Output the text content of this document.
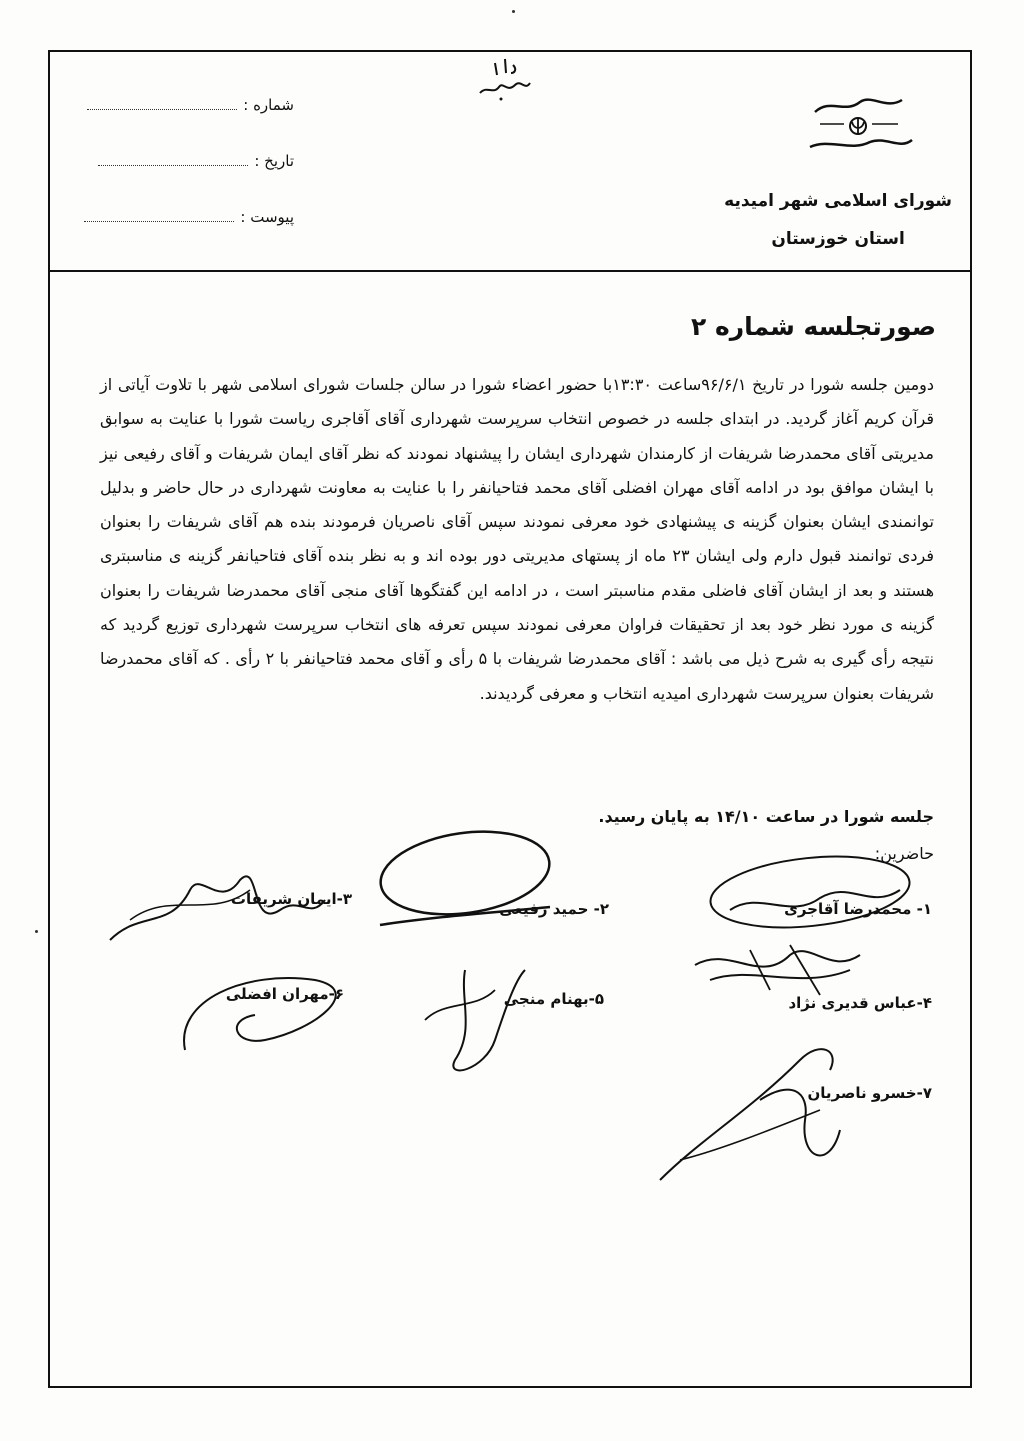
شماره :
تاریخ :
پیوست :
شورای اسلامی شهر امیدیه
استان خوزستان
صورتجلسه شماره ۲
دومین جلسه شورا در تاریخ ۹۶/۶/۱ساعت ۱۳:۳۰با حضور اعضاء شورا در سالن جلسات شورای اسلامی شهر با تلاوت آیاتی از قرآن کریم آغاز گردید. در ابتدای جلسه در خصوص انتخاب سرپرست شهرداری آقای آقاجری ریاست شورا با عنایت به سوابق مدیریتی آقای محمدرضا شریفات از کارمندان شهرداری ایشان را پیشنهاد نمودند که نظر آقای ایمان شریفات و آقای رفیعی نیز با ایشان موافق بود در ادامه آقای مهران افضلی آقای محمد فتاحیانفر را با عنایت به معاونت شهرداری در حال حاضر و بدلیل توانمندی ایشان بعنوان گزینه ی پیشنهادی خود معرفی نمودند سپس آقای ناصریان فرمودند بنده هم آقای شریفات را بعنوان فردی توانمند قبول دارم ولی ایشان ۲۳ ماه از پستهای مدیریتی دور بوده اند و به نظر بنده آقای فتاحیانفر گزینه ی مناسبتری هستند و بعد از ایشان آقای فاضلی مقدم مناسبتر است ، در ادامه این گفتگوها آقای منجی آقای محمدرضا شریفات را بعنوان گزینه ی مورد نظر خود بعد از تحقیقات فراوان معرفی نمودند سپس تعرفه های انتخاب سرپرست شهرداری توزیع گردید که نتیجه رأی گیری به شرح ذیل می باشد : آقای محمدرضا شریفات با ۵ رأی و آقای محمد فتاحیانفر با ۲ رأی . که آقای محمدرضا شریفات بعنوان سرپرست شهرداری امیدیه انتخاب و معرفی گردیدند.
جلسه شورا در ساعت ۱۴/۱۰ به پایان رسید.
حاضرین:
۱- محمدرضا آقاجری
۲- حمید رفیعی
۳-ایمان شریفات
۴-عباس قدیری نژاد
۵-بهنام منجی
۶-مهران افضلی
۷-خسرو ناصریان
